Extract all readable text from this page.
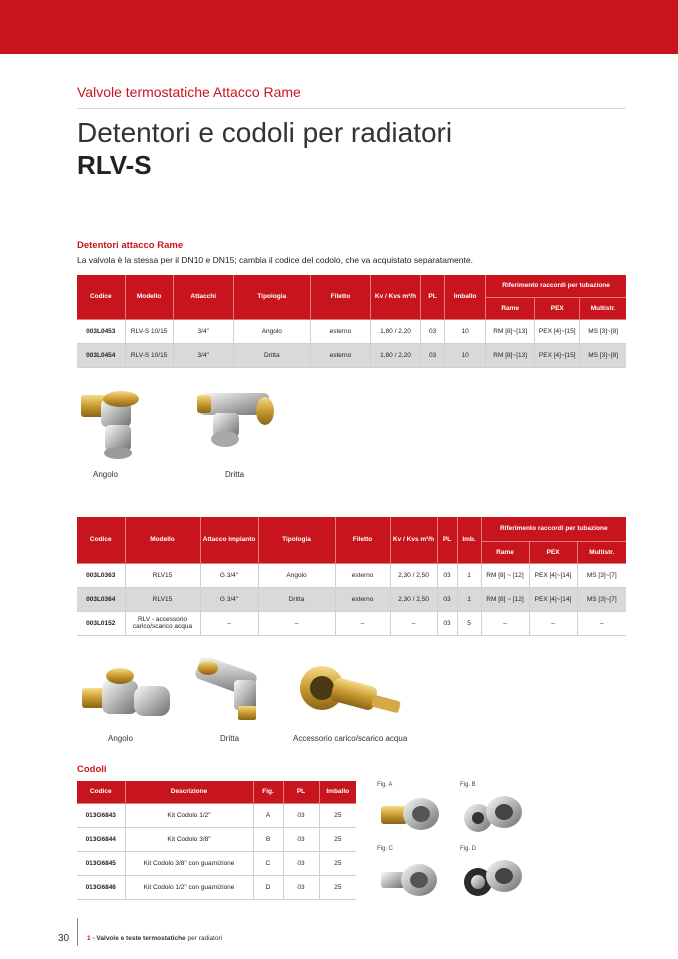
Valvole termostatiche Attacco Rame
Detentori e codoli per radiatori
RLV-S
Detentori attacco Rame
La valvola è la stessa per il DN10 e DN15; cambia il codice del codolo, che va acquistato separatamente.
Codice	Modello	Attacchi	Tipologia	Filetto	Kv / Kvs m³/h	PL	Imballo	Riferimento raccordi per tubazione		
								Rame	PEX	Multistr.
003L0453	RLV-S 10/15	3/4"	Angolo	esterno	1,80 / 2,20	03	10	RM [8]~[13]	PEX [4]~[15]	MS [3]~[8]
003L0454	RLV-S 10/15	3/4"	Dritta	esterno	1,80 / 2,20	03	10	RM [8]~[13]	PEX [4]~[15]	MS [3]~[8]
Angolo	Dritta
Codice	Modello	Attacco impianto	Tipologia	Filetto	Kv / Kvs m³/h	PL	Imb.	Riferimento raccordi per tubazione		
								Rame	PEX	Multistr.
003L0363	RLV15	G 3/4"	Angolo	esterno	2,30 / 2,50	03	1	RM [8] ~ [12]	PEX [4]~[14]	MS [3]~[7]
003L0364	RLV15	G 3/4"	Dritta	esterno	2,30 / 2,50	03	1	RM [8] ~ [12]	PEX [4]~[14]	MS [3]~[7]
003L0152	RLV - accessorio carico/scarico acqua	–	–	–	–	03	5	–	–	–
Angolo	Dritta	Accessorio carico/scarico acqua
Codoli
Codice	Descrizione	Fig.	PL	Imballo
013G6843	Kit Codolo 1/2"	A	03	25
013G6844	Kit Codolo 3/8"	B	03	25
013G6845	Kit Codolo 3/8" con guarnizione	C	03	25
013G6846	Kit Codolo 1/2" con guarnizione	D	03	25
Fig. A	Fig. B
Fig. C	Fig. D
30	1 - Valvole e teste termostatiche per radiatori
